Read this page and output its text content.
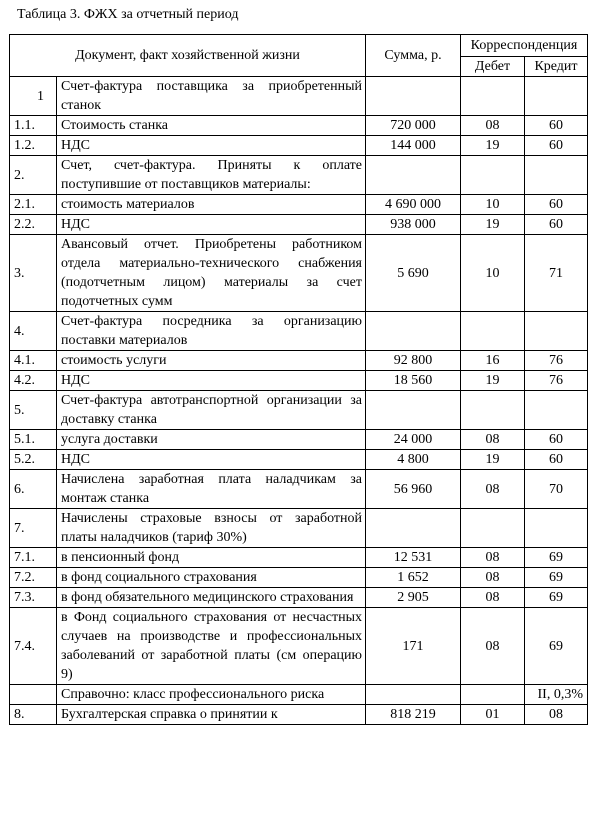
Таблица 3. ФЖХ за отчетный период
Документ, факт хозяйственной жизни		Сумма, р.	Корреспонденция	
			Дебет	Кредит
1	Счет-фактура поставщика за приобретенный станок			
1.1.	Стоимость станка	720 000	08	60
1.2.	НДС	144 000	19	60
2.	Счет, счет-фактура. Приняты к оплате поступившие от поставщиков материалы:			
2.1.	стоимость материалов	4 690 000	10	60
2.2.	НДС	938 000	19	60
3.	Авансовый отчет. Приобретены работником отдела материально-технического снабжения (подотчетным лицом) материалы за счет подотчетных сумм	5 690	10	71
4.	Счет-фактура посредника за организацию поставки материалов			
4.1.	стоимость услуги	92 800	16	76
4.2.	НДС	18 560	19	76
5.	Счет-фактура автотранспортной организации за доставку станка			
5.1.	услуга доставки	24 000	08	60
5.2.	НДС	4 800	19	60
6.	Начислена заработная плата наладчикам за монтаж станка	56 960	08	70
7.	Начислены страховые взносы от заработной платы наладчиков (тариф 30%)			
7.1.	в пенсионный фонд	12 531	08	69
7.2.	в фонд социального страхования	1 652	08	69
7.3.	в фонд обязательного медицинского страхования	2 905	08	69
7.4.	в Фонд социального страхования от несчастных случаев на производстве и профессиональных заболеваний от заработной платы (см операцию 9)	171	08	69
	Справочно: класс профессионального риска			II, 0,3%
8.	Бухгалтерская справка о принятии к	818 219	01	08
